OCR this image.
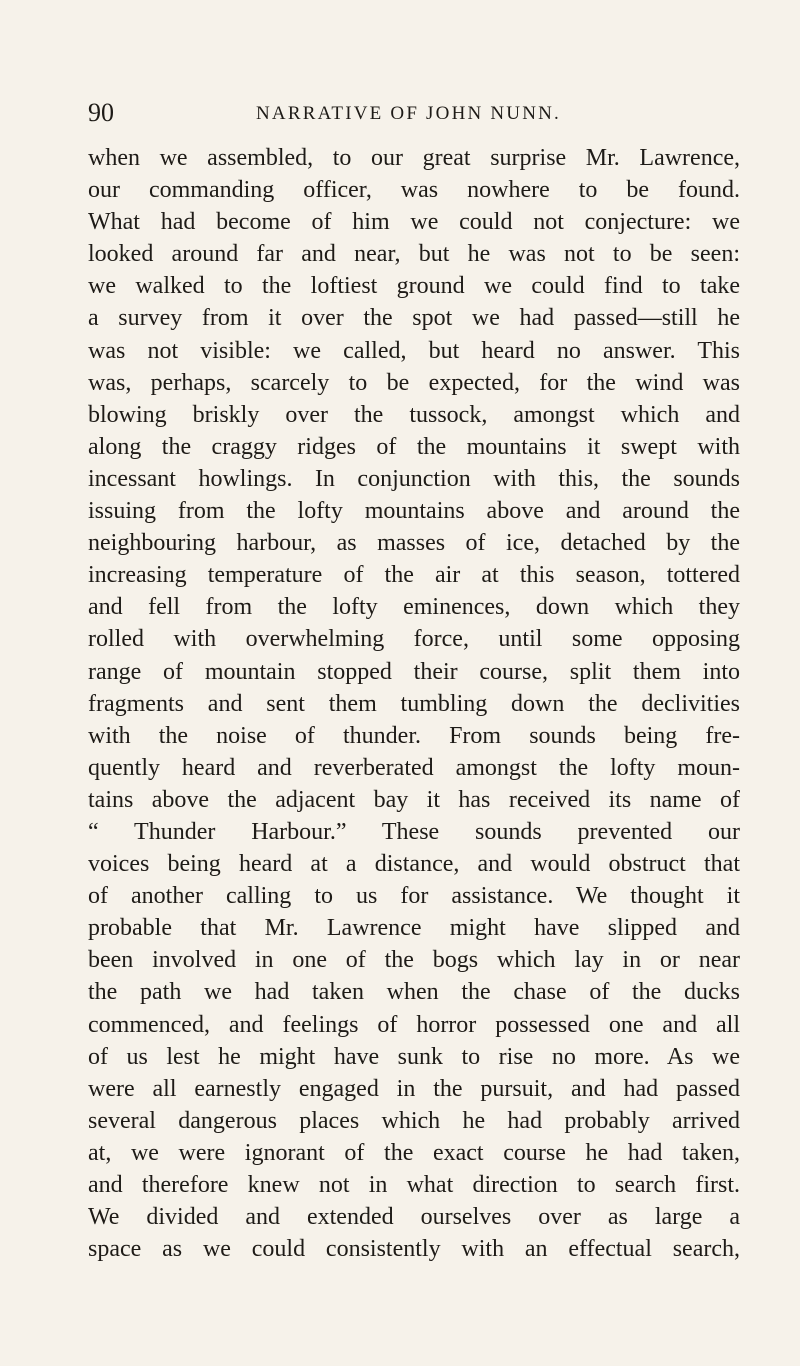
90	NARRATIVE OF JOHN NUNN.
when we assembled, to our great surprise Mr. Lawrence,
our commanding officer, was nowhere to be found.
What had become of him we could not conjecture: we
looked around far and near, but he was not to be seen:
we walked to the loftiest ground we could find to take
a survey from it over the spot we had passed—still he
was not visible: we called, but heard no answer. This
was, perhaps, scarcely to be expected, for the wind was
blowing briskly over the tussock, amongst which and
along the craggy ridges of the mountains it swept with
incessant howlings. In conjunction with this, the sounds
issuing from the lofty mountains above and around the
neighbouring harbour, as masses of ice, detached by the
increasing temperature of the air at this season, tottered
and fell from the lofty eminences, down which they
rolled with overwhelming force, until some opposing
range of mountain stopped their course, split them into
fragments and sent them tumbling down the declivities
with the noise of thunder. From sounds being fre-
quently heard and reverberated amongst the lofty moun-
tains above the adjacent bay it has received its name of
“ Thunder Harbour.” These sounds prevented our
voices being heard at a distance, and would obstruct that
of another calling to us for assistance. We thought it
probable that Mr. Lawrence might have slipped and
been involved in one of the bogs which lay in or near
the path we had taken when the chase of the ducks
commenced, and feelings of horror possessed one and all
of us lest he might have sunk to rise no more. As we
were all earnestly engaged in the pursuit, and had passed
several dangerous places which he had probably arrived
at, we were ignorant of the exact course he had taken,
and therefore knew not in what direction to search first.
We divided and extended ourselves over as large a
space as we could consistently with an effectual search,
